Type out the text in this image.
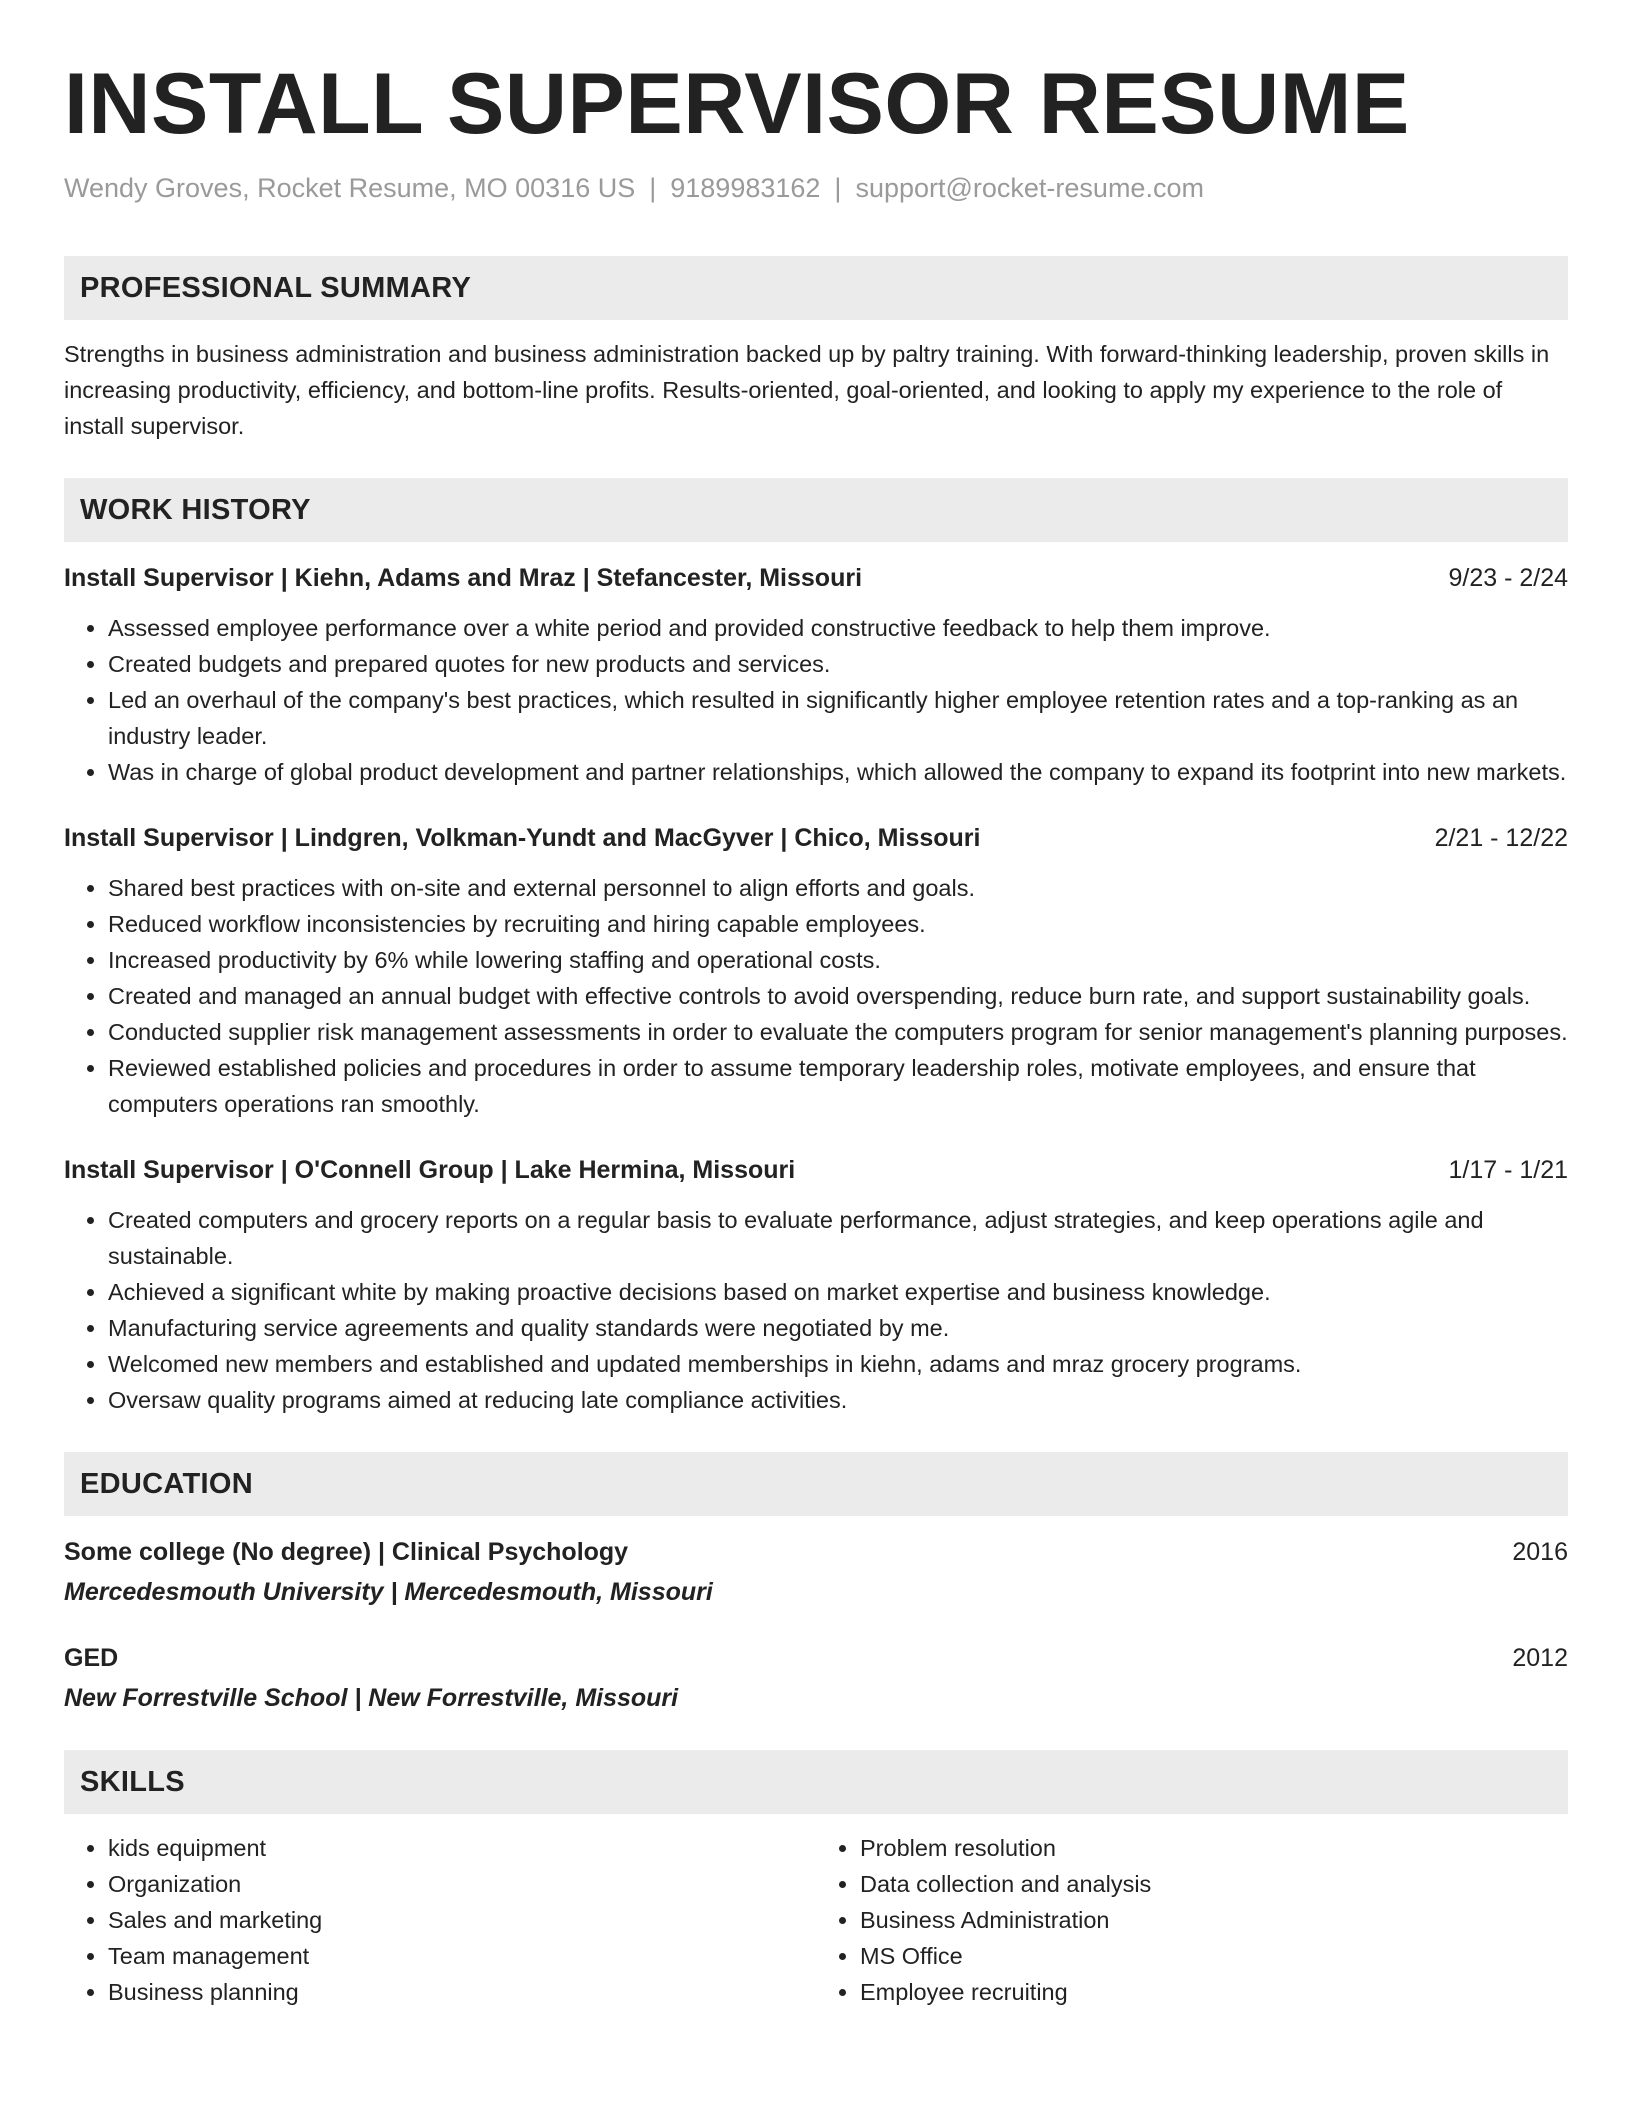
INSTALL SUPERVISOR RESUME
Wendy Groves, Rocket Resume, MO 00316 US | 9189983162 | support@rocket-resume.com
PROFESSIONAL SUMMARY

Strengths in business administration and business administration backed up by paltry training. With forward-thinking leadership, proven skills in increasing productivity, efficiency, and bottom-line profits. Results-oriented, goal-oriented, and looking to apply my experience to the role of install supervisor.

WORK HISTORY
Install Supervisor | Kiehn, Adams and Mraz | Stefancester, Missouri	9/23 - 2/24
• Assessed employee performance over a white period and provided constructive feedback to help them improve.
• Created budgets and prepared quotes for new products and services.
• Led an overhaul of the company's best practices, which resulted in significantly higher employee retention rates and a top-ranking as an industry leader.
• Was in charge of global product development and partner relationships, which allowed the company to expand its footprint into new markets.
Install Supervisor | Lindgren, Volkman-Yundt and MacGyver | Chico, Missouri	2/21 - 12/22
• Shared best practices with on-site and external personnel to align efforts and goals.
• Reduced workflow inconsistencies by recruiting and hiring capable employees.
• Increased productivity by 6% while lowering staffing and operational costs.
• Created and managed an annual budget with effective controls to avoid overspending, reduce burn rate, and support sustainability goals.
• Conducted supplier risk management assessments in order to evaluate the computers program for senior management's planning purposes.
• Reviewed established policies and procedures in order to assume temporary leadership roles, motivate employees, and ensure that computers operations ran smoothly.
Install Supervisor | O'Connell Group | Lake Hermina, Missouri	1/17 - 1/21
• Created computers and grocery reports on a regular basis to evaluate performance, adjust strategies, and keep operations agile and sustainable.
• Achieved a significant white by making proactive decisions based on market expertise and business knowledge.
• Manufacturing service agreements and quality standards were negotiated by me.
• Welcomed new members and established and updated memberships in kiehn, adams and mraz grocery programs.
• Oversaw quality programs aimed at reducing late compliance activities.
EDUCATION
Some college (No degree) | Clinical Psychology	2016
Mercedesmouth University | Mercedesmouth, Missouri
GED	2012
New Forrestville School | New Forrestville, Missouri
SKILLS
• kids equipment
• Organization
• Sales and marketing
• Team management
• Business planning
• Problem resolution
• Data collection and analysis
• Business Administration
• MS Office
• Employee recruiting
